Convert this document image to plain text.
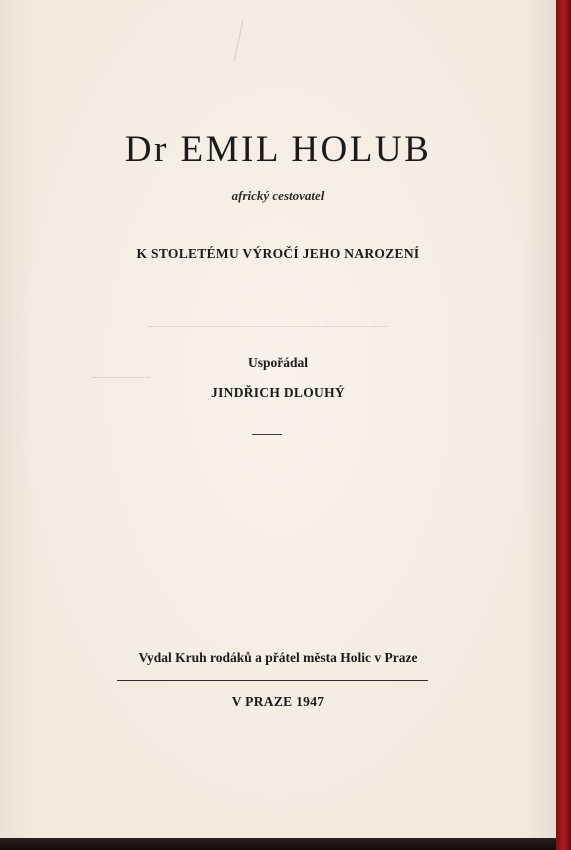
Dr EMIL HOLUB
africký cestovatel
K STOLETÉMU VÝROČÍ JEHO NAROZENÍ
Uspořádal
JINDŘICH DLOUHÝ
Vydal Kruh rodáků a přátel města Holic v Praze
V PRAZE 1947
